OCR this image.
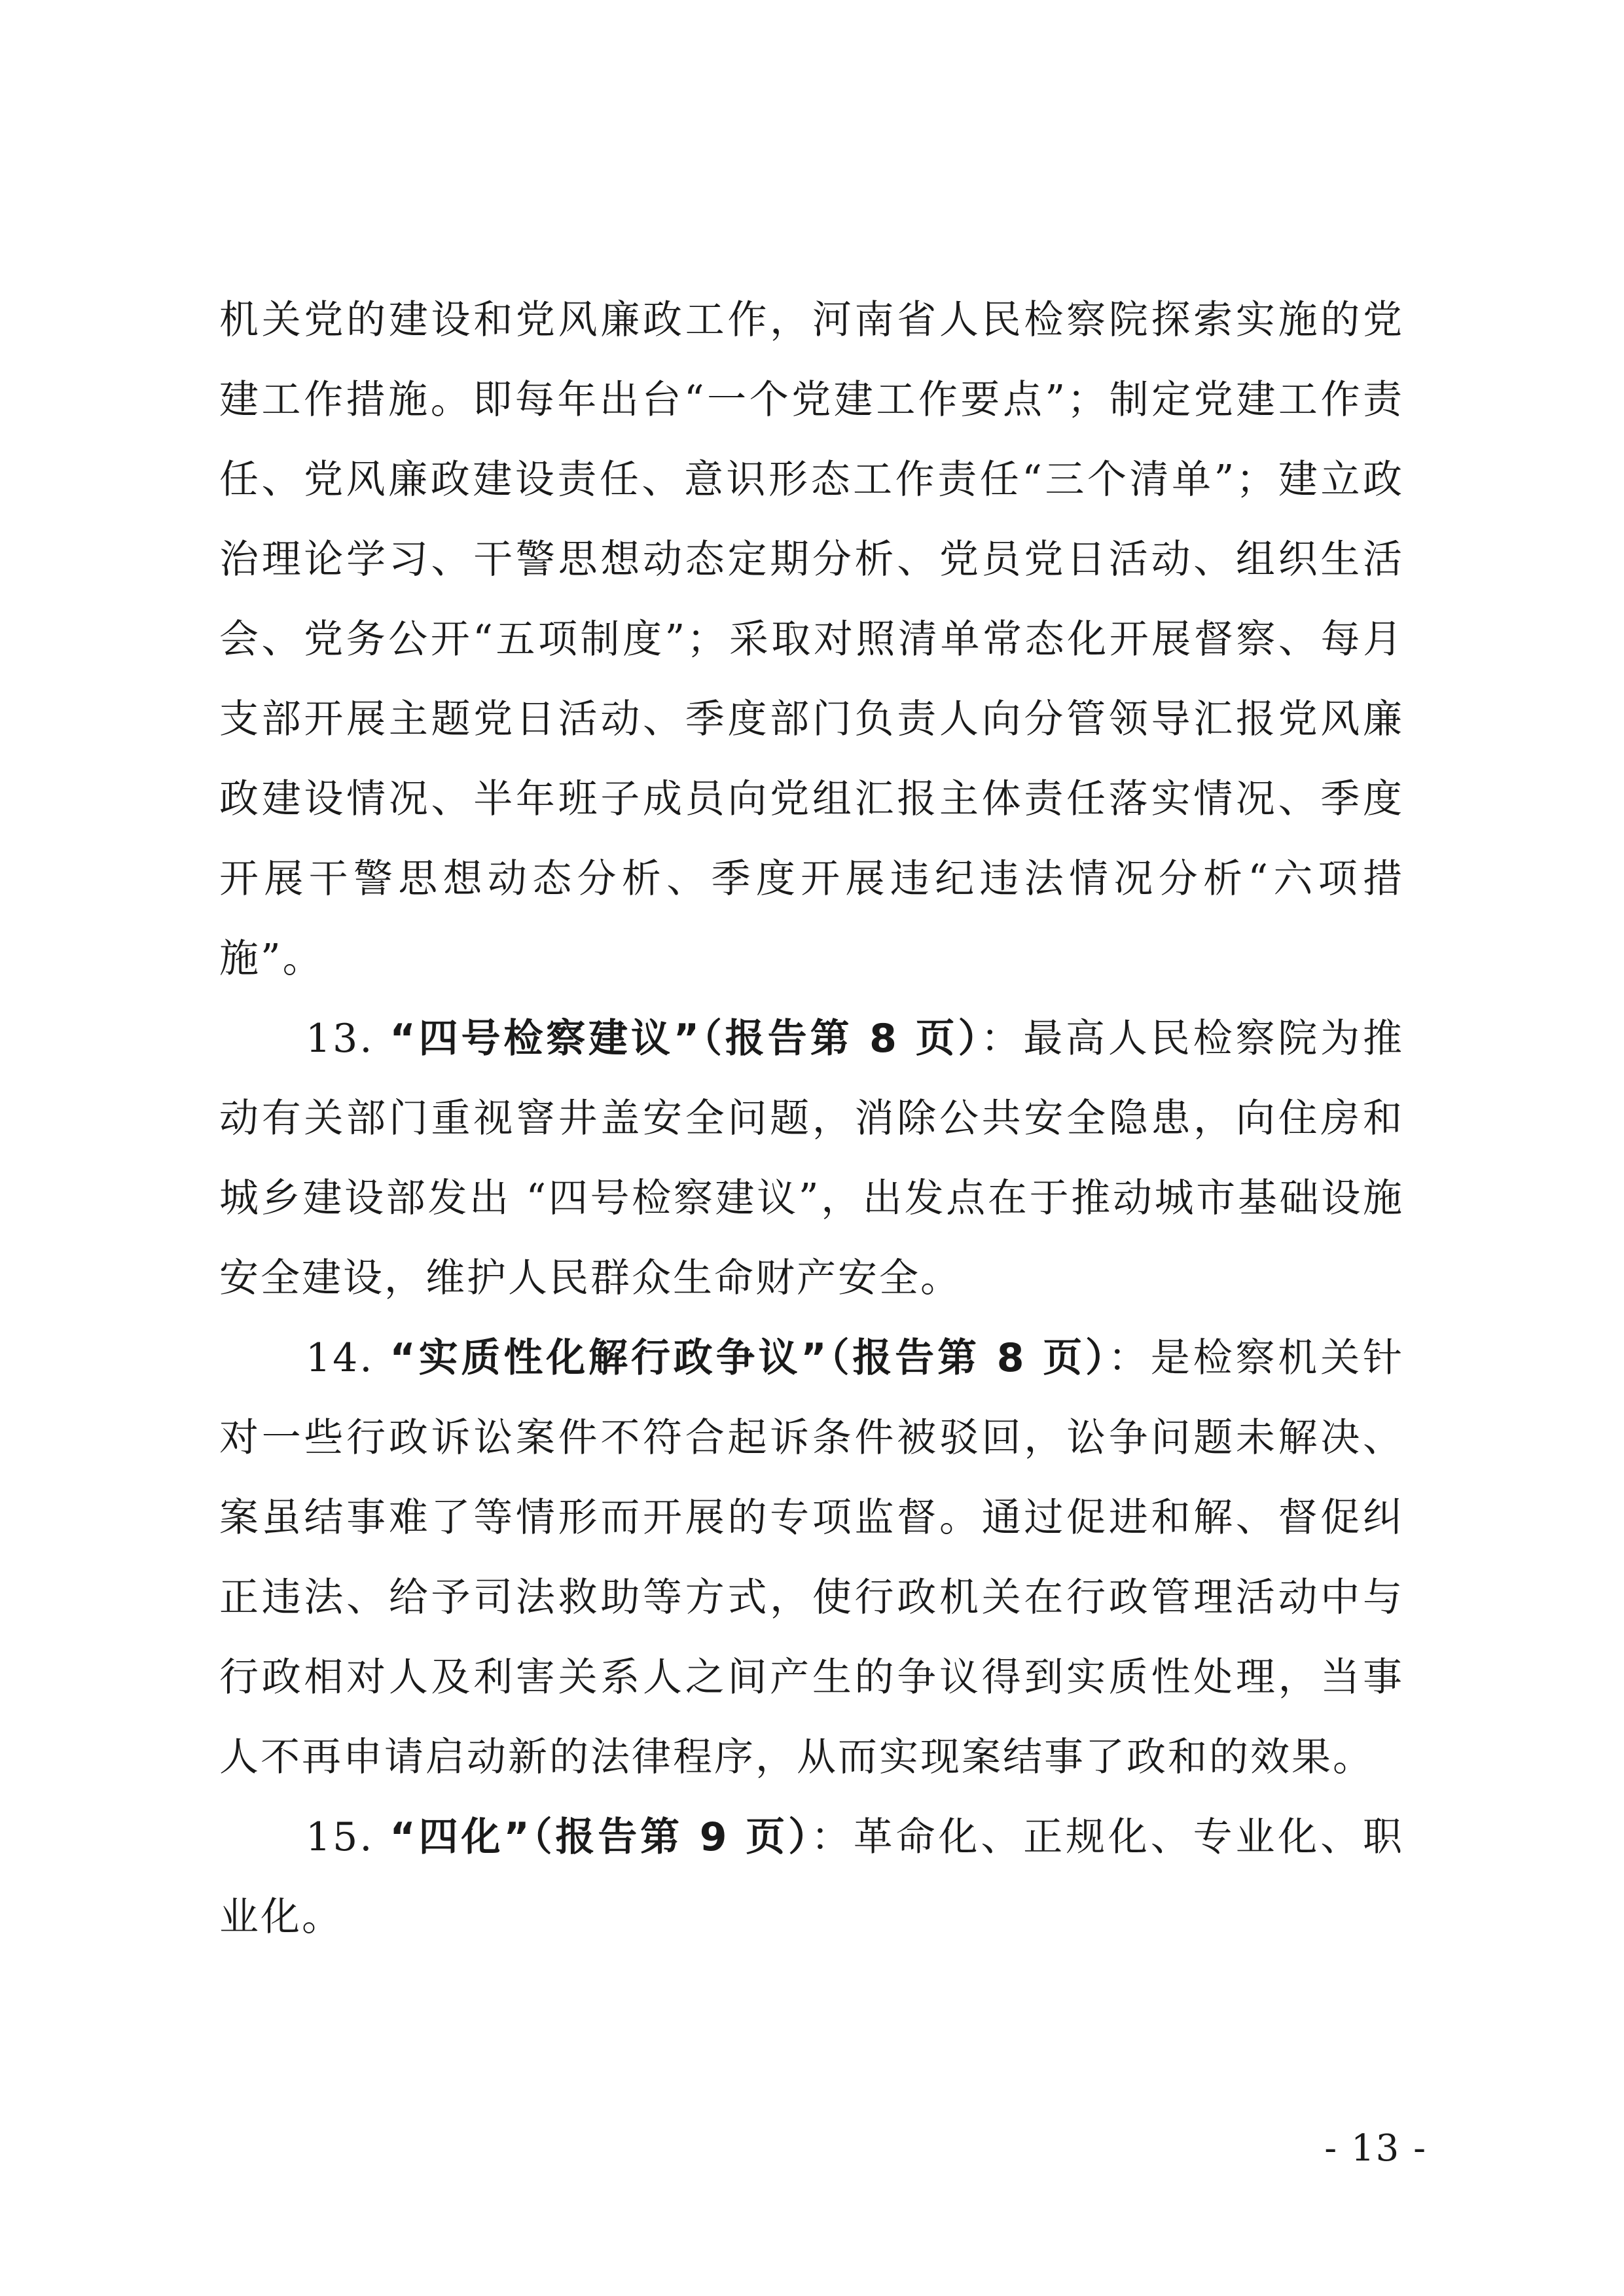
机关党的建设和党风廉政工作，河南省人民检察院探索实施的党建工作措施。即每年出台“一个党建工作要点”；制定党建工作责任、党风廉政建设责任、意识形态工作责任“三个清单”；建立政治理论学习、干警思想动态定期分析、党员党日活动、组织生活会、党务公开“五项制度”；采取对照清单常态化开展督察、每月支部开展主题党日活动、季度部门负责人向分管领导汇报党风廉政建设情况、半年班子成员向党组汇报主体责任落实情况、季度开展干警思想动态分析、季度开展违纪违法情况分析“六项措施”。

13. “四号检察建议”（报告第 8 页）：最高人民检察院为推动有关部门重视窨井盖安全问题，消除公共安全隐患，向住房和城乡建设部发出 “四号检察建议”，出发点在于推动城市基础设施安全建设，维护人民群众生命财产安全。

14. “实质性化解行政争议”（报告第 8 页）：是检察机关针对一些行政诉讼案件不符合起诉条件被驳回，讼争问题未解决、案虽结事难了等情形而开展的专项监督。通过促进和解、督促纠正违法、给予司法救助等方式，使行政机关在行政管理活动中与行政相对人及利害关系人之间产生的争议得到实质性处理，当事人不再申请启动新的法律程序，从而实现案结事了政和的效果。

15. “四化”（报告第 9 页）：革命化、正规化、专业化、职业化。

- 13 -
